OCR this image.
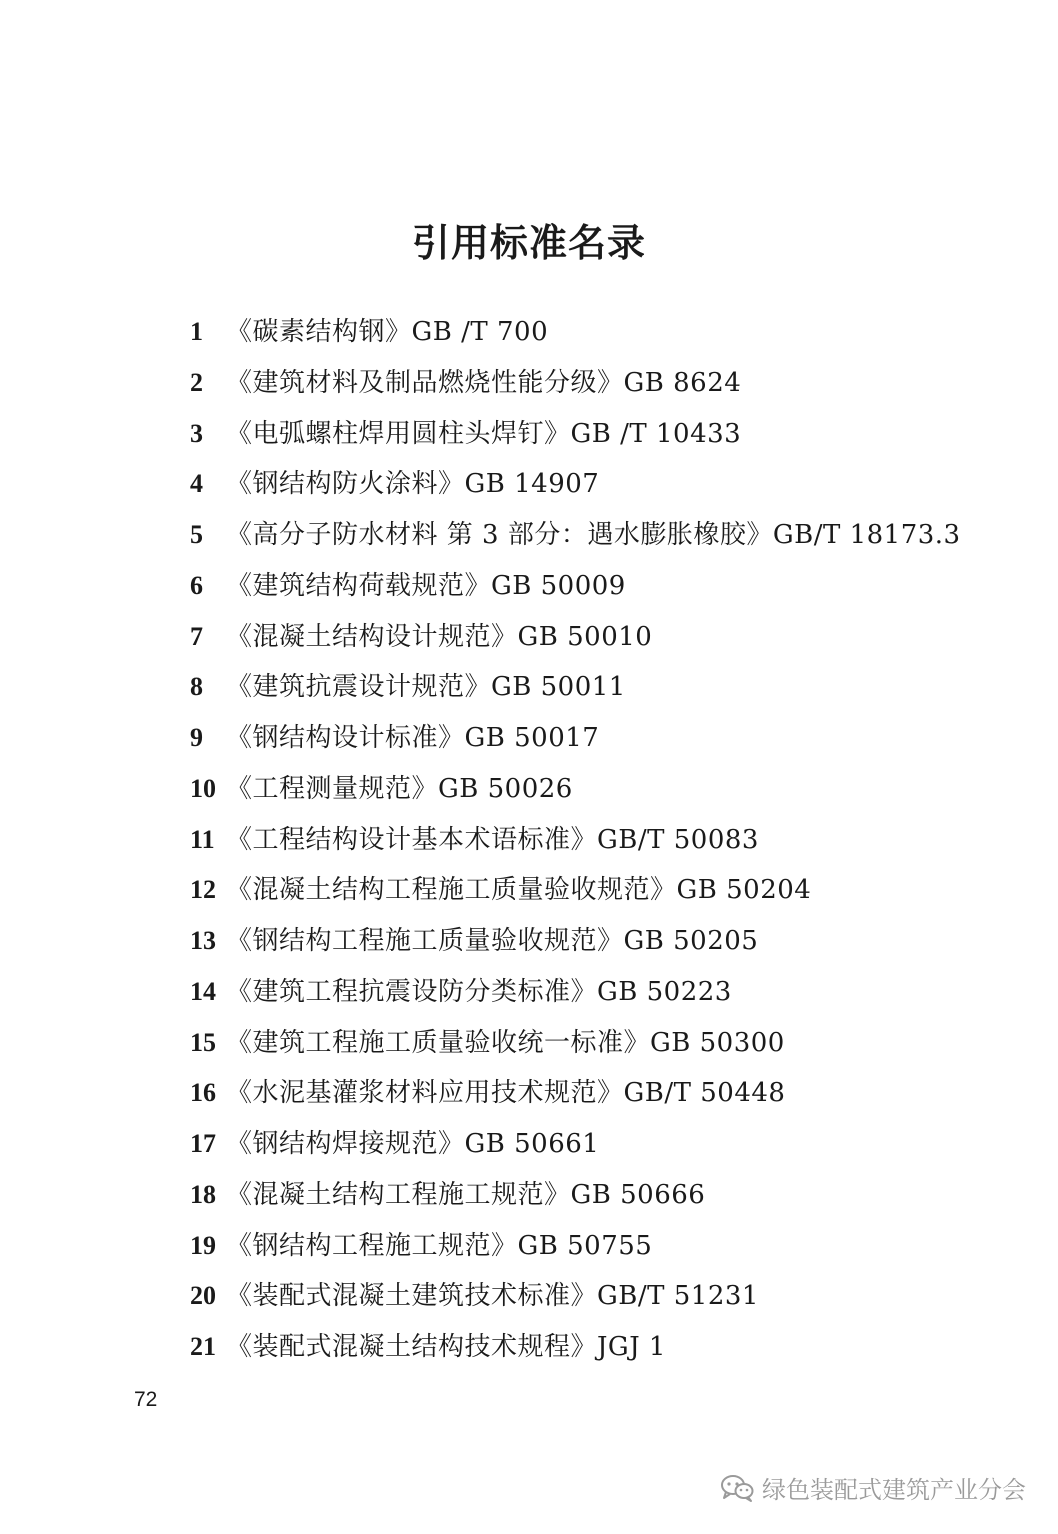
引用标准名录
1 《碳素结构钢》GB /T 700
2 《建筑材料及制品燃烧性能分级》GB 8624
3 《电弧螺柱焊用圆柱头焊钉》GB /T 10433
4 《钢结构防火涂料》GB 14907
5 《高分子防水材料 第 3 部分：遇水膨胀橡胶》GB/T 18173.3
6 《建筑结构荷载规范》GB 50009
7 《混凝土结构设计规范》GB 50010
8 《建筑抗震设计规范》GB 50011
9 《钢结构设计标准》GB 50017
10 《工程测量规范》GB 50026
11 《工程结构设计基本术语标准》GB/T 50083
12 《混凝土结构工程施工质量验收规范》GB 50204
13 《钢结构工程施工质量验收规范》GB 50205
14 《建筑工程抗震设防分类标准》GB 50223
15 《建筑工程施工质量验收统一标准》GB 50300
16 《水泥基灌浆材料应用技术规范》GB/T 50448
17 《钢结构焊接规范》GB 50661
18 《混凝土结构工程施工规范》GB 50666
19 《钢结构工程施工规范》GB 50755
20 《装配式混凝土建筑技术标准》GB/T 51231
21 《装配式混凝土结构技术规程》JGJ 1
72
绿色装配式建筑产业分会
